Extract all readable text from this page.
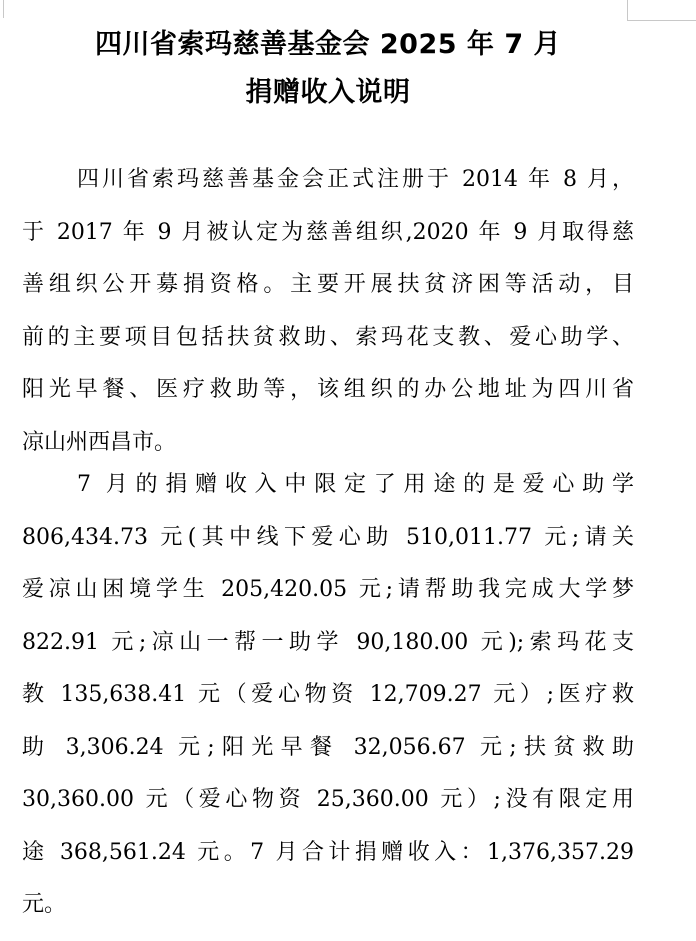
四川省索玛慈善基金会 2025 年 7 月
捐赠收入说明
四川省索玛慈善基金会正式注册于 2014 年 8 月，
于 2017 年 9 月被认定为慈善组织,2020 年 9 月取得慈
善组织公开募捐资格。主要开展扶贫济困等活动，目
前的主要项目包括扶贫救助、索玛花支教、爱心助学、
阳光早餐、医疗救助等，该组织的办公地址为四川省
凉山州西昌市。
7 月的捐赠收入中限定了用途的是爱心助学
806,434.73 元(其中线下爱心助 510,011.77 元;请关
爱凉山困境学生 205,420.05 元;请帮助我完成大学梦
822.91 元;凉山一帮一助学 90,180.00 元);索玛花支
教 135,638.41 元（爱心物资 12,709.27 元）;医疗救
助 3,306.24 元;阳光早餐 32,056.67 元;扶贫救助
30,360.00 元（爱心物资 25,360.00 元）;没有限定用
途 368,561.24 元。7 月合计捐赠收入：1,376,357.29
元。
